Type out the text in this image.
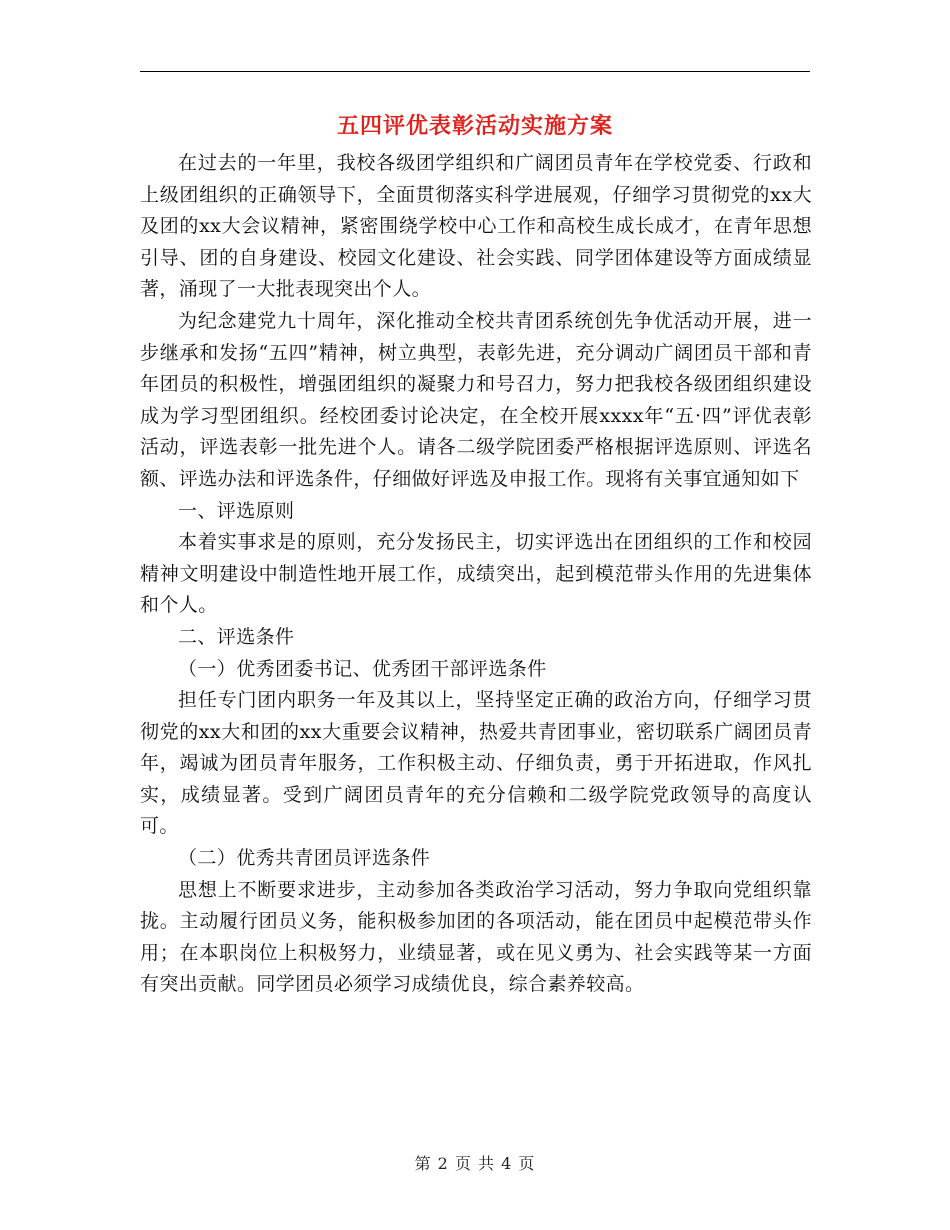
五四评优表彰活动实施方案

在过去的一年里，我校各级团学组织和广阔团员青年在学校党委、行政和上级团组织的正确领导下，全面贯彻落实科学进展观，仔细学习贯彻党的xx大及团的xx大会议精神，紧密围绕学校中心工作和高校生成长成才，在青年思想引导、团的自身建设、校园文化建设、社会实践、同学团体建设等方面成绩显著，涌现了一大批表现突出个人。

为纪念建党九十周年，深化推动全校共青团系统创先争优活动开展，进一步继承和发扬“五四”精神，树立典型，表彰先进，充分调动广阔团员干部和青年团员的积极性，增强团组织的凝聚力和号召力，努力把我校各级团组织建设成为学习型团组织。经校团委讨论决定，在全校开展xxxx年“五·四”评优表彰活动，评选表彰一批先进个人。请各二级学院团委严格根据评选原则、评选名额、评选办法和评选条件，仔细做好评选及申报工作。现将有关事宜通知如下

一、评选原则

本着实事求是的原则，充分发扬民主，切实评选出在团组织的工作和校园精神文明建设中制造性地开展工作，成绩突出，起到模范带头作用的先进集体和个人。

二、评选条件

（一）优秀团委书记、优秀团干部评选条件

担任专门团内职务一年及其以上，坚持坚定正确的政治方向，仔细学习贯彻党的xx大和团的xx大重要会议精神，热爱共青团事业，密切联系广阔团员青年，竭诚为团员青年服务，工作积极主动、仔细负责，勇于开拓进取，作风扎实，成绩显著。受到广阔团员青年的充分信赖和二级学院党政领导的高度认可。

（二）优秀共青团员评选条件

思想上不断要求进步，主动参加各类政治学习活动，努力争取向党组织靠拢。主动履行团员义务，能积极参加团的各项活动，能在团员中起模范带头作用；在本职岗位上积极努力，业绩显著，或在见义勇为、社会实践等某一方面有突出贡献。同学团员必须学习成绩优良，综合素养较高。

第 2 页 共 4 页
